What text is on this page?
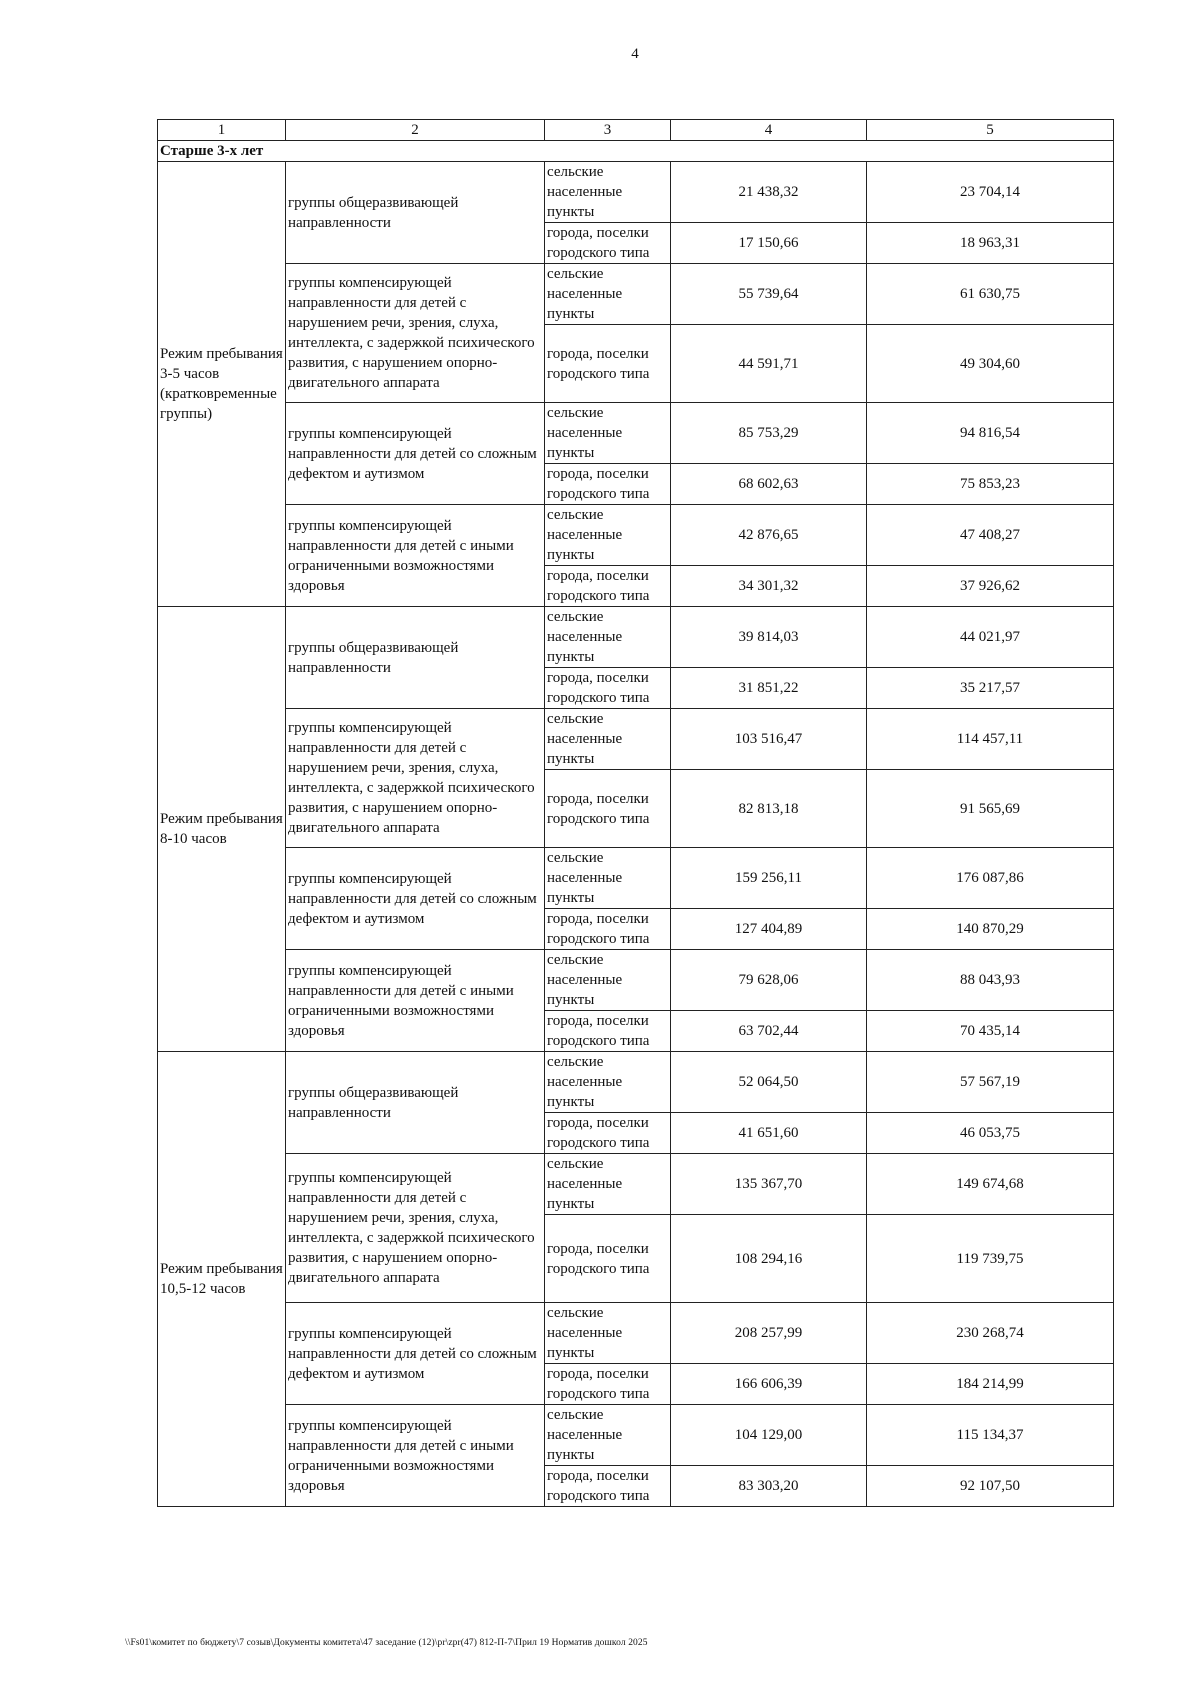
4
1	2	3	4	5
Старше 3-х лет				
Режим пребывания 3-5 часов (кратковременные группы)	группы общеразвивающей направленности	сельские населенные пункты	21 438,32	23 704,14
		города, поселки городского типа	17 150,66	18 963,31
	группы компенсирующей направленности для детей с нарушением речи, зрения, слуха, интеллекта, с задержкой психического развития, с нарушением опорно-двигательного аппарата	сельские населенные пункты	55 739,64	61 630,75
		города, поселки городского типа	44 591,71	49 304,60
	группы компенсирующей направленности для детей со сложным дефектом и аутизмом	сельские населенные пункты	85 753,29	94 816,54
		города, поселки городского типа	68 602,63	75 853,23
	группы компенсирующей направленности для детей с иными ограниченными возможностями здоровья	сельские населенные пункты	42 876,65	47 408,27
		города, поселки городского типа	34 301,32	37 926,62
Режим пребывания 8-10 часов	группы общеразвивающей направленности	сельские населенные пункты	39 814,03	44 021,97
		города, поселки городского типа	31 851,22	35 217,57
	группы компенсирующей направленности для детей с нарушением речи, зрения, слуха, интеллекта, с задержкой психического развития, с нарушением опорно-двигательного аппарата	сельские населенные пункты	103 516,47	114 457,11
		города, поселки городского типа	82 813,18	91 565,69
	группы компенсирующей направленности для детей со сложным дефектом и аутизмом	сельские населенные пункты	159 256,11	176 087,86
		города, поселки городского типа	127 404,89	140 870,29
	группы компенсирующей направленности для детей с иными ограниченными возможностями здоровья	сельские населенные пункты	79 628,06	88 043,93
		города, поселки городского типа	63 702,44	70 435,14
Режим пребывания 10,5-12 часов	группы общеразвивающей направленности	сельские населенные пункты	52 064,50	57 567,19
		города, поселки городского типа	41 651,60	46 053,75
	группы компенсирующей направленности для детей с нарушением речи, зрения, слуха, интеллекта, с задержкой психического развития, с нарушением опорно-двигательного аппарата	сельские населенные пункты	135 367,70	149 674,68
		города, поселки городского типа	108 294,16	119 739,75
	группы компенсирующей направленности для детей со сложным дефектом и аутизмом	сельские населенные пункты	208 257,99	230 268,74
		города, поселки городского типа	166 606,39	184 214,99
	группы компенсирующей направленности для детей с иными ограниченными возможностями здоровья	сельские населенные пункты	104 129,00	115 134,37
		города, поселки городского типа	83 303,20	92 107,50
\\Fs01\комитет по бюджету\7 созыв\Документы комитета\47 заседание (12)\pr\zpr(47) 812-П-7\Прил 19 Норматив дошкол 2025
